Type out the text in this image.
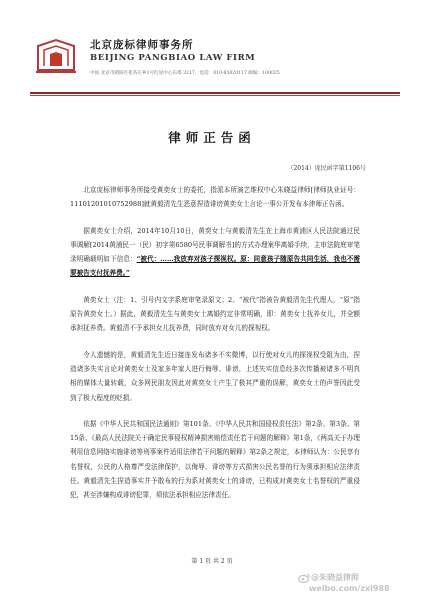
北京庞标律师事务所
BEIJING PANGBIAO LAW FIRM
中国 北京市朝阳区崔各庄乡1号红星中心东塔 3217，电话：010-85820117 邮编：100025
律师正告函
（2014）庞民函字第1106号

北京庞标律师事务所接受黄奕女士的委托，指派本所演艺维权中心朱晓益律师[律师执业证号：11101201010752988]就黄毅清先生恶意捏造诽谤黄奕女士言论一事公开发布本律师正告函。

据黄奕女士介绍，2014年10月10日，黄奕女士与黄毅清先生在上海市黄浦区人民法院通过民事调解[2014黄浦民一（民）初字第6580号民事调解书]的方式办理案华离婚手续，主审法院庭审笔录明确载明如下信息：“被代：……我放弃对孩子探视权。原：同意孩子随原告共同生活，我也不需要被告支付抚养费。”

黄奕女士（注：1、引号内文字系庭审笔录原文；2、“被代”指被告黄毅清先生代理人，“原”指原告黄奕女士。）据此，黄毅清先生与黄奕女士离婚约定非常明确，即：黄奕女士抚养女儿，并全额承担抚养费。黄毅清不予承担女儿抚养费，同时放弃对女儿的探视权。

令人遗憾的是，黄毅清先生近日接连发布诸多不实微博，以行使对女儿的探视权受阻为由，捏造诸多失实言论对黄奕女士及家多年家人进行侮辱、诽谤，上述失实信息经多次传播被诸多不明真相的媒体大量转载，众多网民朋友因此对黄奕女士产生了极其严重的误解，黄奕女士的声誉因此受到了极大程度的贬损。

依据《中华人民共和国民法通则》第101条、《中华人民共和国侵权责任法》第2条、第3条、第15条、《最高人民法院关于确定民事侵权精神损害赔偿责任若干问题的解释》第1条，《两高关于办理利用信息网络实施诽谤等刑事案件适用法律若干问题的解释》第2条之规定，本律师认为：公民享有名誉权，公民的人格尊严受法律保护，以侮辱、诽谤等方式损害公民名誉的行为须承担相应法律责任。黄毅清先生捏造事实并予散布的行为系对黄奕女士的诽谤，已构成对黄奕女士名誉权的严重侵犯，甚至涉嫌构成诽谤犯罪，须依法承担相应法律责任。

第 1 页 共 2 页
@朱晓益律师
weibo.com/zxl988
